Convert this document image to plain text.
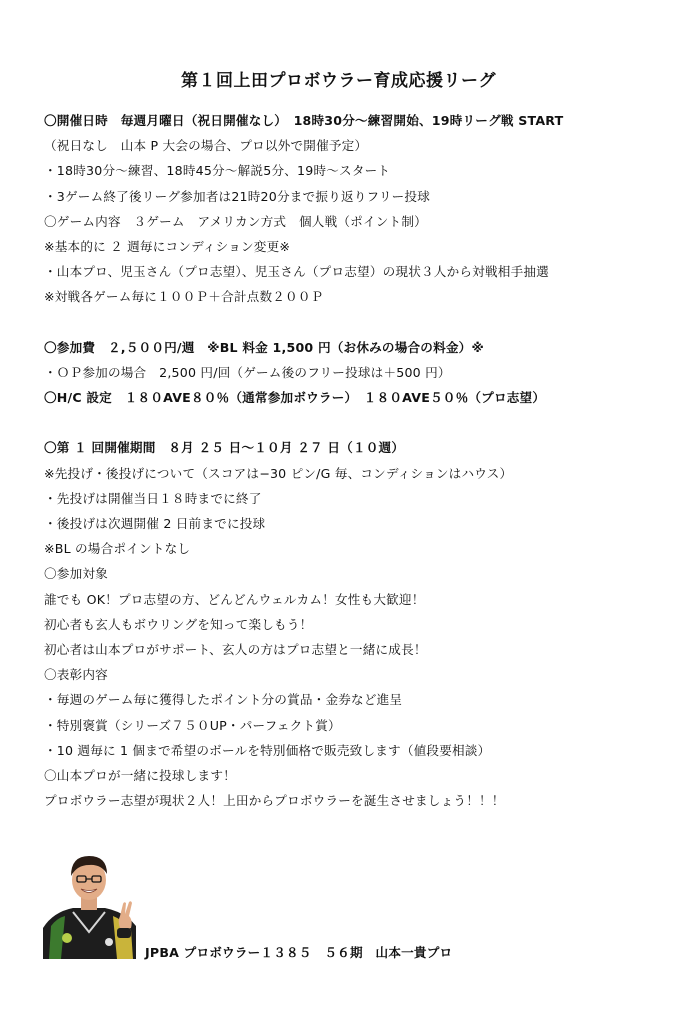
第１回上田プロボウラー育成応援リーグ
〇開催日時　毎週月曜日（祝日開催なし）　18時30分～練習開始、19時リーグ戦 START
（祝日なし　山本 P 大会の場合、プロ以外で開催予定）
・18時30分～練習、18時45分～解説5分、19時～スタート
・3ゲーム終了後リーグ参加者は21時20分まで振り返りフリー投球
〇ゲーム内容　３ゲーム　アメリカン方式　個人戦（ポイント制）
※基本的に ２ 週毎にコンディション変更※
・山本プロ、児玉さん（プロ志望）、児玉さん（プロ志望）の現状３人から対戦相手抽選
※対戦各ゲーム毎に１００Ｐ＋合計点数２００Ｐ
〇参加費　２,５００円/週　※BL 料金 1,500 円（お休みの場合の料金）※
・ＯＰ参加の場合　2,500 円/回（ゲーム後のフリー投球は＋500 円）
〇H/C 設定　１８０AVE８０％（通常参加ボウラー）　１８０AVE５０％（プロ志望）
〇第 １ 回開催期間　８月 ２５ 日～１０月 ２７ 日（１０週）
※先投げ・後投げについて（スコアは−30 ピン/G 毎、コンディションはハウス）
・先投げは開催当日１８時までに終了
・後投げは次週開催 2 日前までに投球
※BL の場合ポイントなし
〇参加対象
誰でも OK！プロ志望の方、どんどんウェルカム！女性も大歓迎！
初心者も玄人もボウリングを知って楽しもう！
初心者は山本プロがサポート、玄人の方はプロ志望と一緒に成長！
〇表彰内容
・毎週のゲーム毎に獲得したポイント分の賞品・金券など進呈
・特別褒賞（シリーズ７５０UP・パーフェクト賞）
・10 週毎に 1 個まで希望のボールを特別価格で販売致します（値段要相談）
〇山本プロが一緒に投球します！
プロボウラー志望が現状２人！上田からプロボウラーを誕生させましょう！！！
JPBA プロボウラー１３８５　５６期　山本一貴プロ
